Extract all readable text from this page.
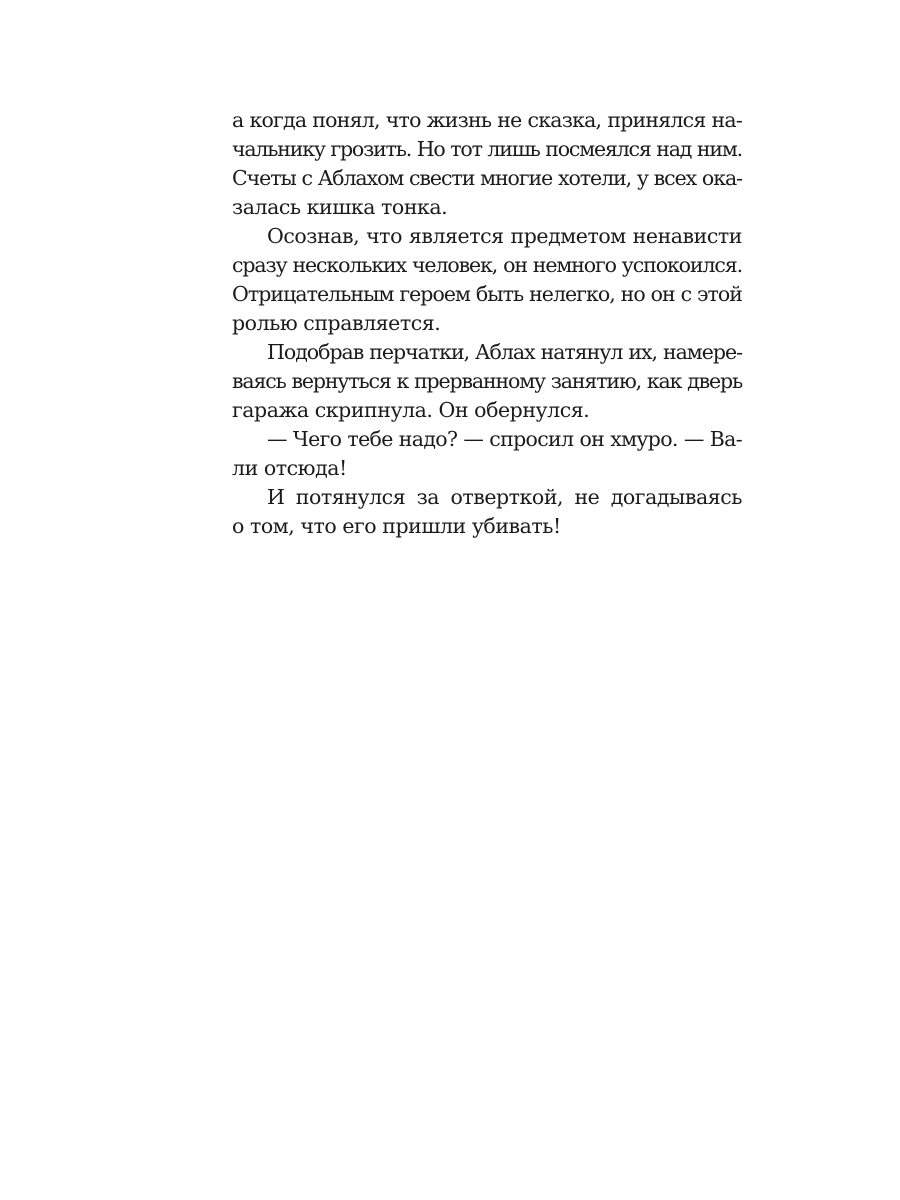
а когда понял, что жизнь не сказка, принялся на-
чальнику грозить. Но тот лишь посмеялся над ним.
Счеты с Аблахом свести многие хотели, у всех ока-
залась кишка тонка.
Осознав, что является предметом ненависти
сразу нескольких человек, он немного успокоился.
Отрицательным героем быть нелегко, но он с этой
ролью справляется.
Подобрав перчатки, Аблах натянул их, намере-
ваясь вернуться к прерванному занятию, как дверь
гаража скрипнула. Он обернулся.
— Чего тебе надо? — спросил он хмуро. — Ва-
ли отсюда!
И потянулся за отверткой, не догадываясь
о том, что его пришли убивать!
